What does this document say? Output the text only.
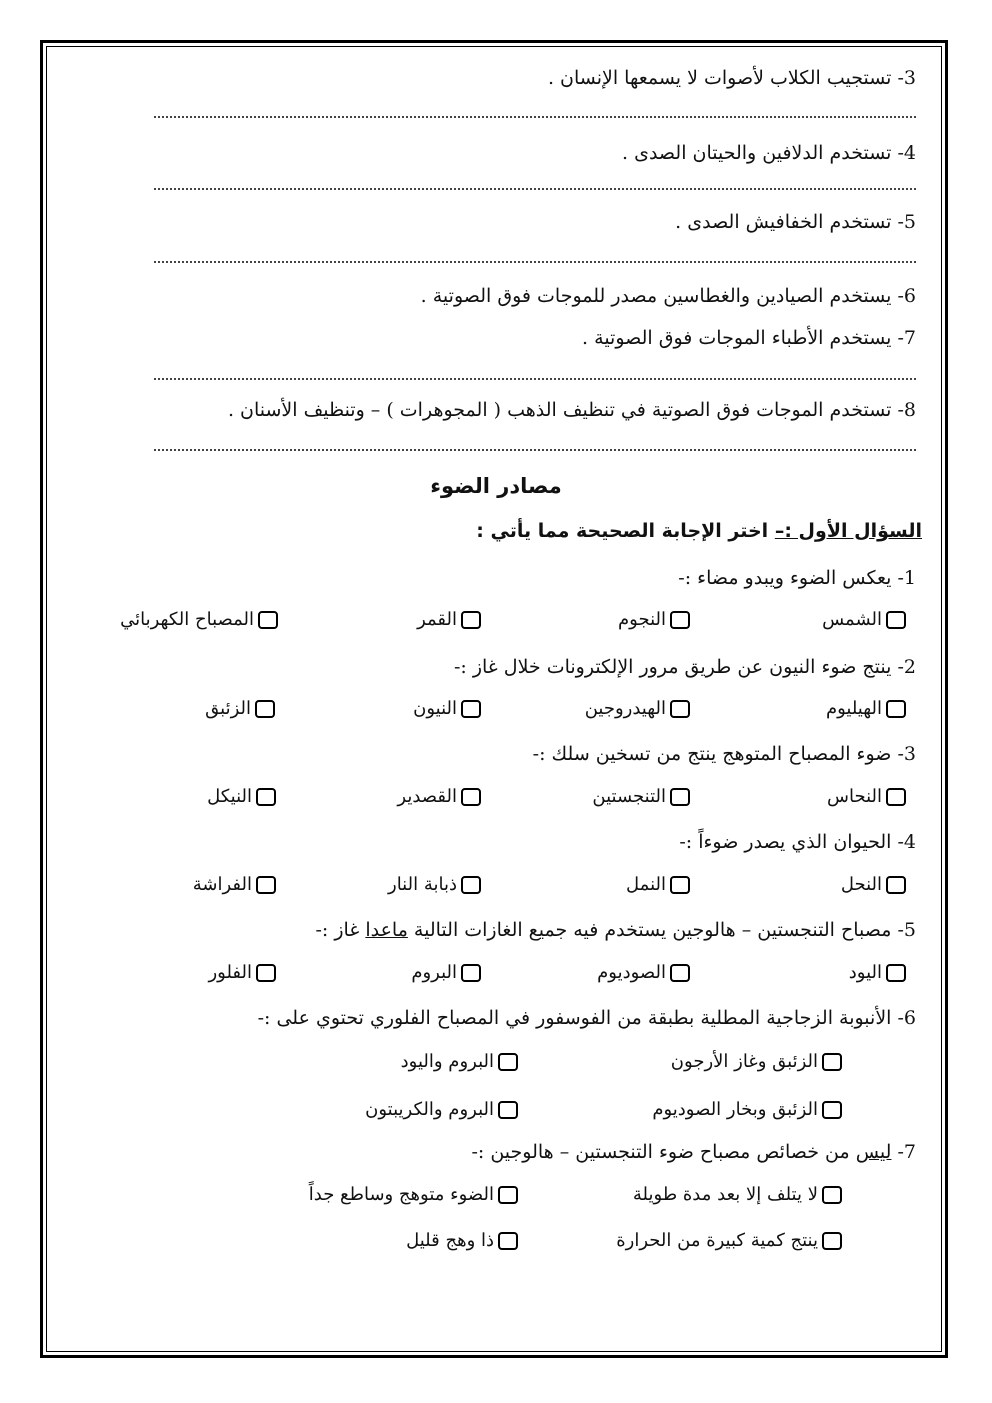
3- تستجيب الكلاب لأصوات لا يسمعها الإنسان .
4- تستخدم الدلافين والحيتان الصدى .
5- تستخدم الخفافيش الصدى .
6- يستخدم الصيادين والغطاسين مصدر للموجات فوق الصوتية .
7- يستخدم الأطباء الموجات فوق الصوتية .
8- تستخدم الموجات فوق الصوتية في تنظيف الذهب ( المجوهرات ) – وتنظيف الأسنان .
مصادر الضوء
السؤال الأول :– اختر الإجابة الصحيحة مما يأتي :
1- يعكس الضوء ويبدو مضاء :-
الشمس
النجوم
القمر
المصباح الكهربائي
2- ينتج ضوء النيون عن طريق مرور الإلكترونات خلال غاز :-
الهيليوم
الهيدروجين
النيون
الزئبق
3- ضوء المصباح المتوهج ينتج من تسخين سلك :-
النحاس
التنجستين
القصدير
النيكل
4- الحيوان الذي يصدر ضوءاً :-
النحل
النمل
ذبابة النار
الفراشة
5- مصباح التنجستين – هالوجين يستخدم فيه جميع الغازات التالية ماعدا غاز :-
اليود
الصوديوم
البروم
الفلور
6- الأنبوبة الزجاجية المطلية بطبقة من الفوسفور في المصباح الفلوري تحتوي على :-
الزئبق وغاز الأرجون
البروم واليود
الزئبق وبخار الصوديوم
البروم والكريبتون
7- ليس من خصائص مصباح ضوء التنجستين – هالوجين :-
لا يتلف إلا بعد مدة طويلة
الضوء متوهج وساطع جداً
ينتج كمية كبيرة من الحرارة
ذا وهج قليل
